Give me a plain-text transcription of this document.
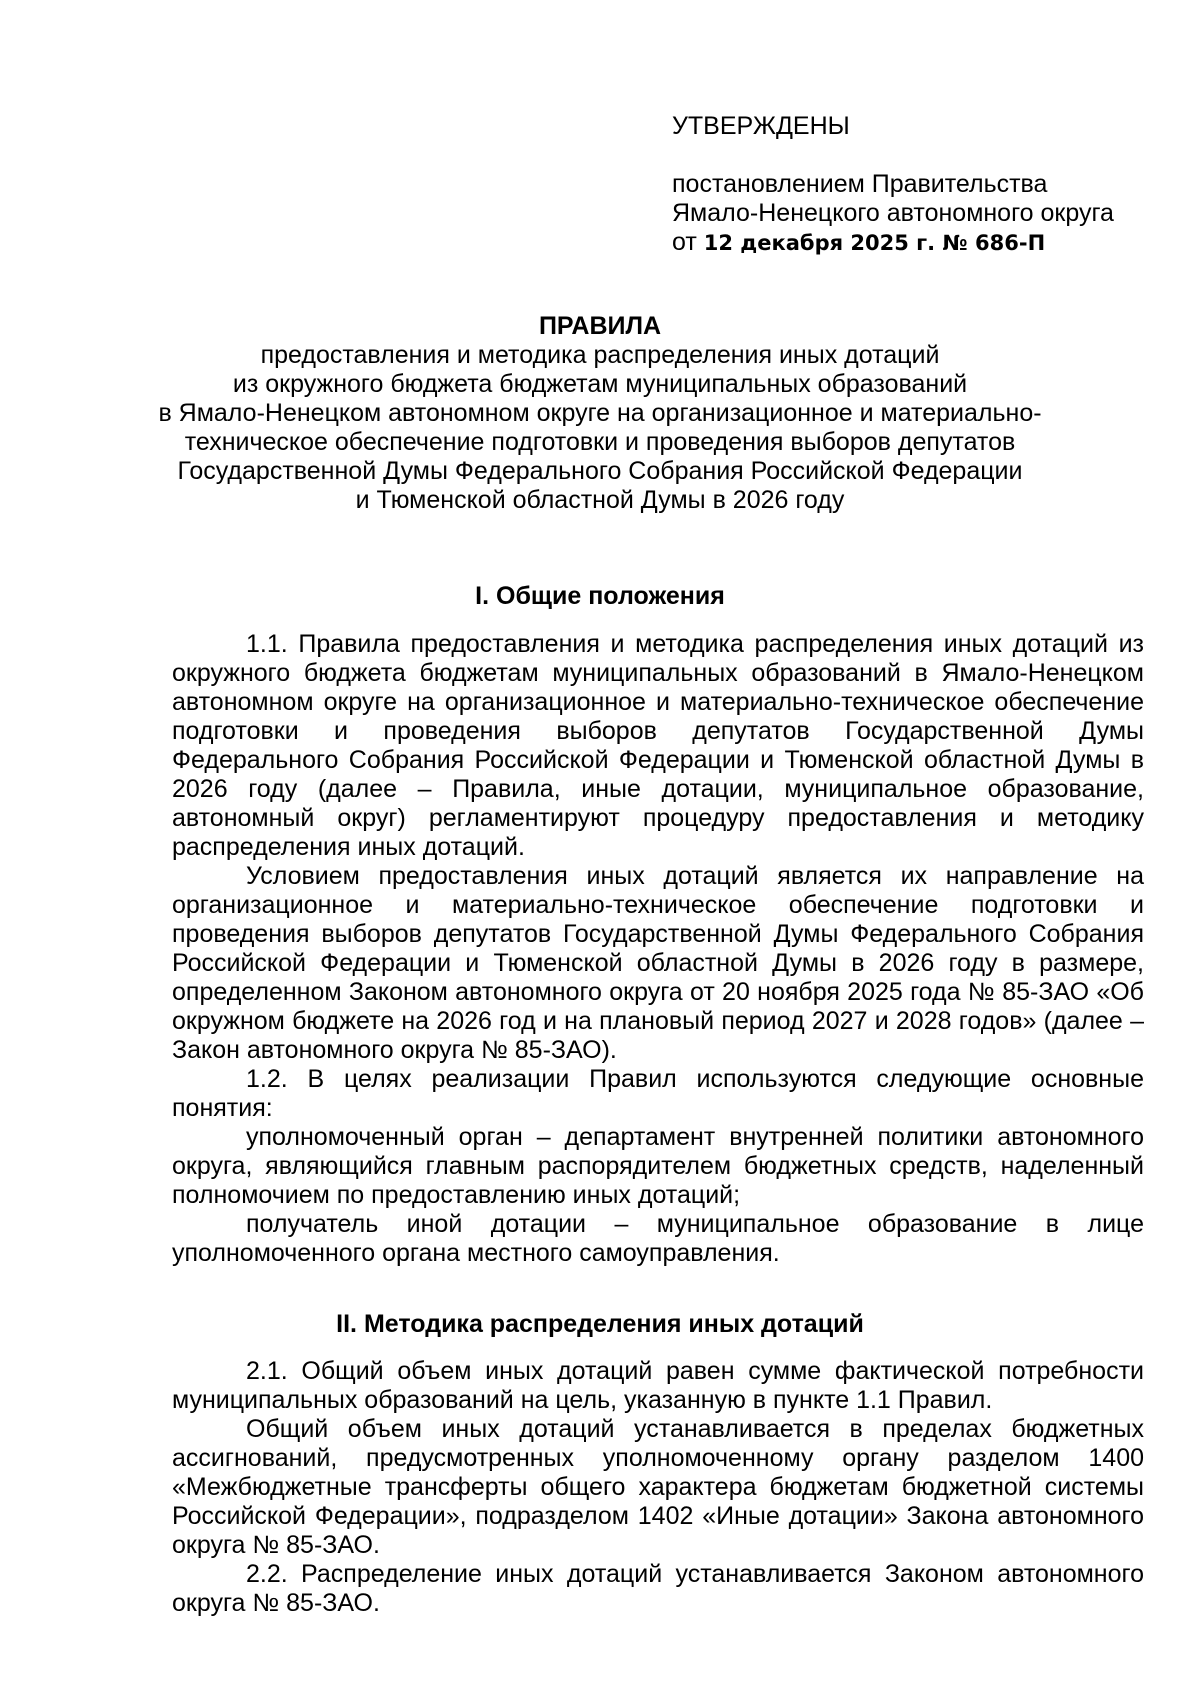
УТВЕРЖДЕНЫ
постановлением Правительства
Ямало-Ненецкого автономного округа
от 12 декабря 2025 г. № 686-П
ПРАВИЛА
предоставления и методика распределения иных дотаций
из окружного бюджета бюджетам муниципальных образований
в Ямало-Ненецком автономном округе на организационное и материально-
техническое обеспечение подготовки и проведения выборов депутатов
Государственной Думы Федерального Собрания Российской Федерации
и Тюменской областной Думы в 2026 году
I. Общие положения

1.1. Правила предоставления и методика распределения иных дотаций из окружного бюджета бюджетам муниципальных образований в Ямало-Ненецком автономном округе на организационное и материально-техническое обеспечение подготовки и проведения выборов депутатов Государственной Думы Федерального Собрания Российской Федерации и Тюменской областной Думы в 2026 году (далее – Правила, иные дотации, муниципальное образование, автономный округ) регламентируют процедуру предоставления и методику распределения иных дотаций.

Условием предоставления иных дотаций является их направление на организационное и материально-техническое обеспечение подготовки и проведения выборов депутатов Государственной Думы Федерального Собрания Российской Федерации и Тюменской областной Думы в 2026 году в размере, определенном Законом автономного округа от 20 ноября 2025 года № 85-ЗАО «Об окружном бюджете на 2026 год и на плановый период 2027 и 2028 годов» (далее – Закон автономного округа № 85-ЗАО).

1.2. В целях реализации Правил используются следующие основные понятия:

уполномоченный орган – департамент внутренней политики автономного округа, являющийся главным распорядителем бюджетных средств, наделенный полномочием по предоставлению иных дотаций;

получатель иной дотации – муниципальное образование в лице уполномоченного органа местного самоуправления.

II. Методика распределения иных дотаций

2.1. Общий объем иных дотаций равен сумме фактической потребности муниципальных образований на цель, указанную в пункте 1.1 Правил.

Общий объем иных дотаций устанавливается в пределах бюджетных ассигнований, предусмотренных уполномоченному органу разделом 1400 «Межбюджетные трансферты общего характера бюджетам бюджетной системы Российской Федерации», подразделом 1402 «Иные дотации» Закона автономного округа № 85-ЗАО.

2.2. Распределение иных дотаций устанавливается Законом автономного округа № 85-ЗАО.
